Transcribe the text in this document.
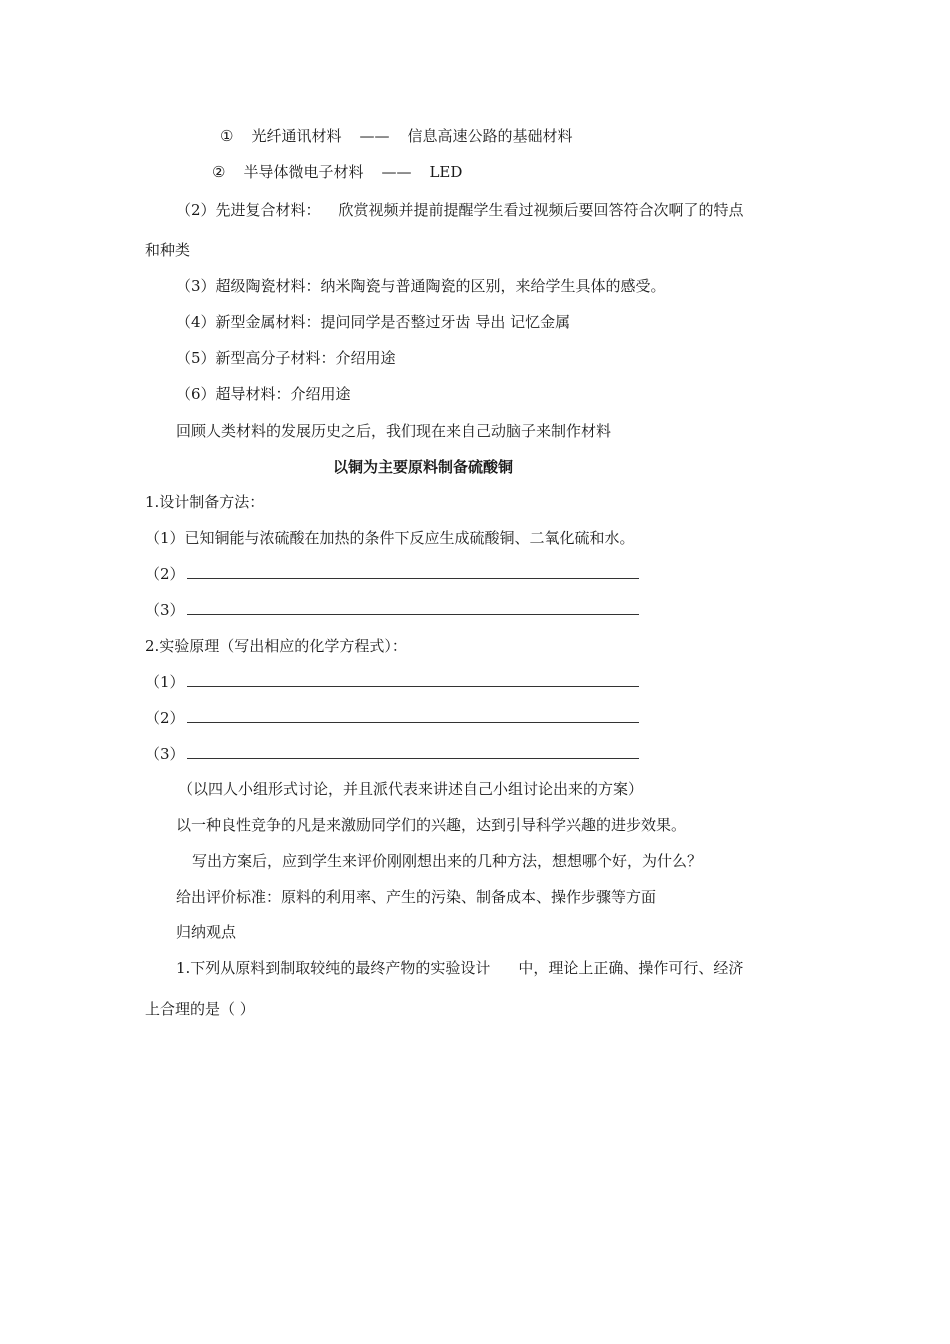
① 光纤通讯材料 —— 信息高速公路的基础材料
② 半导体微电子材料 —— LED
（2）先进复合材料： 欣赏视频并提前提醒学生看过视频后要回答符合次啊了的特点
和种类
（3）超级陶瓷材料：纳米陶瓷与普通陶瓷的区别，来给学生具体的感受。
（4）新型金属材料：提问同学是否整过牙齿 导出 记忆金属
（5）新型高分子材料：介绍用途
（6）超导材料：介绍用途
回顾人类材料的发展历史之后，我们现在来自己动脑子来制作材料
以铜为主要原料制备硫酸铜
1.设计制备方法：
（1）已知铜能与浓硫酸在加热的条件下反应生成硫酸铜、二氧化硫和水。
（2）
（3）
2.实验原理（写出相应的化学方程式）：
（1）
（2）
（3）
（以四人小组形式讨论，并且派代表来讲述自己小组讨论出来的方案）
以一种良性竞争的凡是来激励同学们的兴趣，达到引导科学兴趣的进步效果。
写出方案后，应到学生来评价刚刚想出来的几种方法，想想哪个好，为什么？
给出评价标准：原料的利用率、产生的污染、制备成本、操作步骤等方面
归纳观点
1.下列从原料到制取较纯的最终产物的实验设计 中，理论上正确、操作可行、经济
上合理的是（ ）
